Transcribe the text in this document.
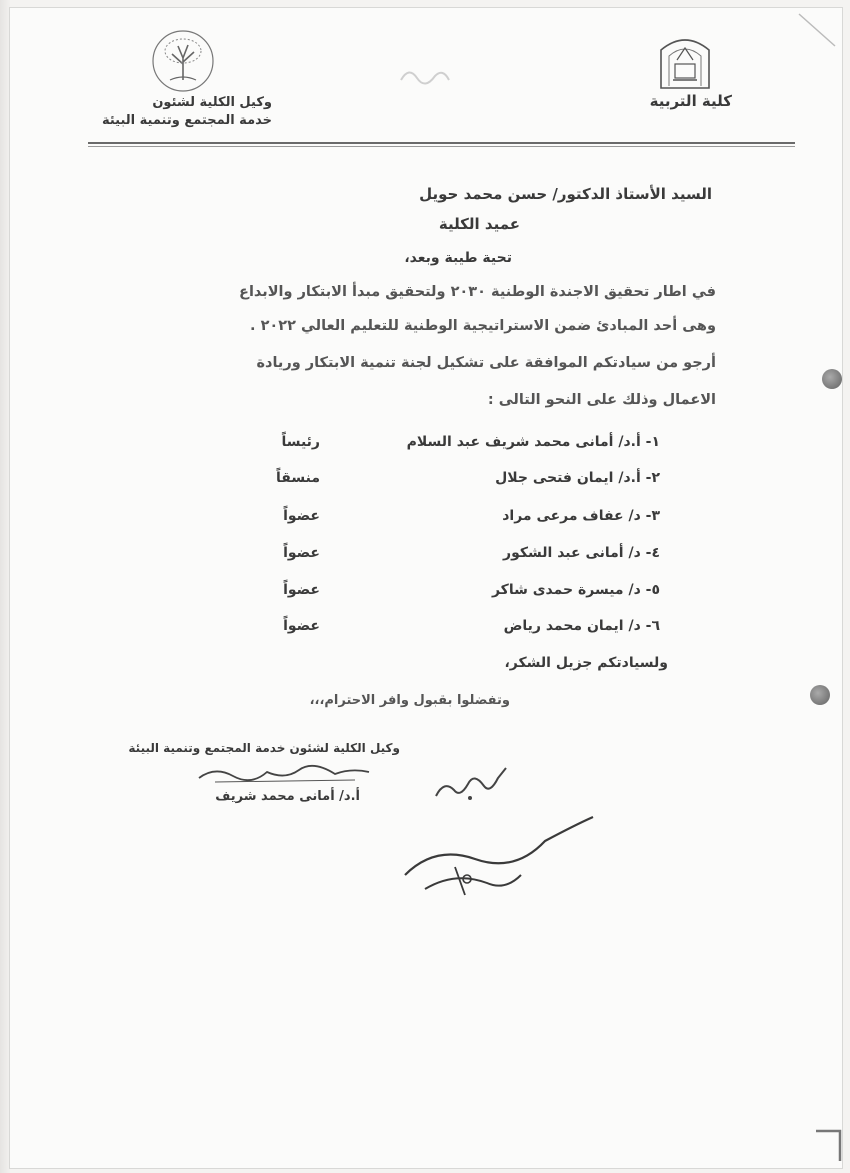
كلية التربية
وكيل الكلية لشئون
خدمة المجتمع وتنمية البيئة
السيد الأستاذ الدكتور/ حسن محمد حويل
عميد الكلية
تحية طيبة وبعد،
في اطار تحقيق الاجندة الوطنية ٢٠٣٠ ولتحقيق مبدأ الابتكار والابداع
وهى أحد المبادئ ضمن الاستراتيجية الوطنية للتعليم العالي ٢٠٢٢ .
أرجو من سيادتكم الموافقة على تشكيل لجنة تنمية الابتكار وريادة
الاعمال وذلك على النحو التالى :
١- أ.د/ أمانى محمد شريف عبد السلام
رئيساً
٢- أ.د/ ايمان فتحى جلال
منسقاً
٣- د/ عفاف مرعى مراد
عضواً
٤- د/ أمانى عبد الشكور
عضواً
٥- د/ ميسرة حمدى شاكر
عضواً
٦- د/ ايمان محمد رياض
عضواً
ولسيادتكم جزيل الشكر،
وتفضلوا بقبول وافر الاحترام،،،
وكيل الكلية لشئون خدمة المجتمع وتنمية البيئة
أ.د/ أمانى محمد شريف
